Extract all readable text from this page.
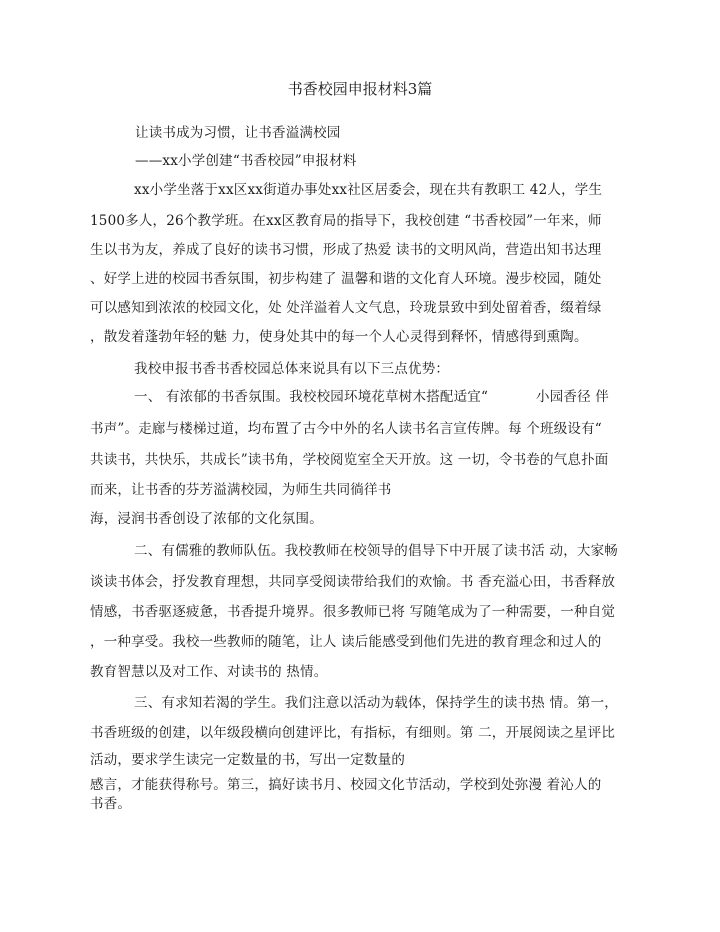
书香校园申报材料3篇
让读书成为习惯，让书香溢满校园
——xx小学创建“书香校园”申报材料
xx小学坐落于xx区xx街道办事处xx社区居委会，现在共有教职工 42人，学生
1500多人，26个教学班。在xx区教育局的指导下，我校创建 “书香校园”一年来，师
生以书为友，养成了良好的读书习惯，形成了热爱 读书的文明风尚，营造出知书达理
、好学上进的校园书香氛围，初步构建了 温馨和谐的文化育人环境。漫步校园，随处
可以感知到浓浓的校园文化，处 处洋溢着人文气息，玲珑景致中到处留着香，缀着绿
，散发着蓬勃年轻的魅 力，使身处其中的每一个人心灵得到释怀，情感得到熏陶。
我校申报书香书香校园总体来说具有以下三点优势：
一、 有浓郁的书香氛围。我校校园环境花草树木搭配适宜“	小园香径 伴
书声”。走廊与楼梯过道，均布置了古今中外的名人读书名言宣传牌。每 个班级设有“
共读书，共快乐，共成长”读书角，学校阅览室全天开放。这 一切，令书卷的气息扑面
而来，让书香的芬芳溢满校园，为师生共同徜徉书
海，浸润书香创设了浓郁的文化氛围。
二、有儒雅的教师队伍。我校教师在校领导的倡导下中开展了读书活 动，大家畅
谈读书体会，抒发教育理想，共同享受阅读带给我们的欢愉。书 香充溢心田，书香释放
情感，书香驱逐疲惫，书香提升境界。很多教师已将 写随笔成为了一种需要，一种自觉
，一种享受。我校一些教师的随笔，让人 读后能感受到他们先进的教育理念和过人的
教育智慧以及对工作、对读书的 热情。
三、有求知若渴的学生。我们注意以活动为载体，保持学生的读书热 情。第一，
书香班级的创建，以年级段横向创建评比，有指标，有细则。第 二，开展阅读之星评比
活动，要求学生读完一定数量的书，写出一定数量的
感言，才能获得称号。第三，搞好读书月、校园文化节活动，学校到处弥漫 着沁人的
书香。
